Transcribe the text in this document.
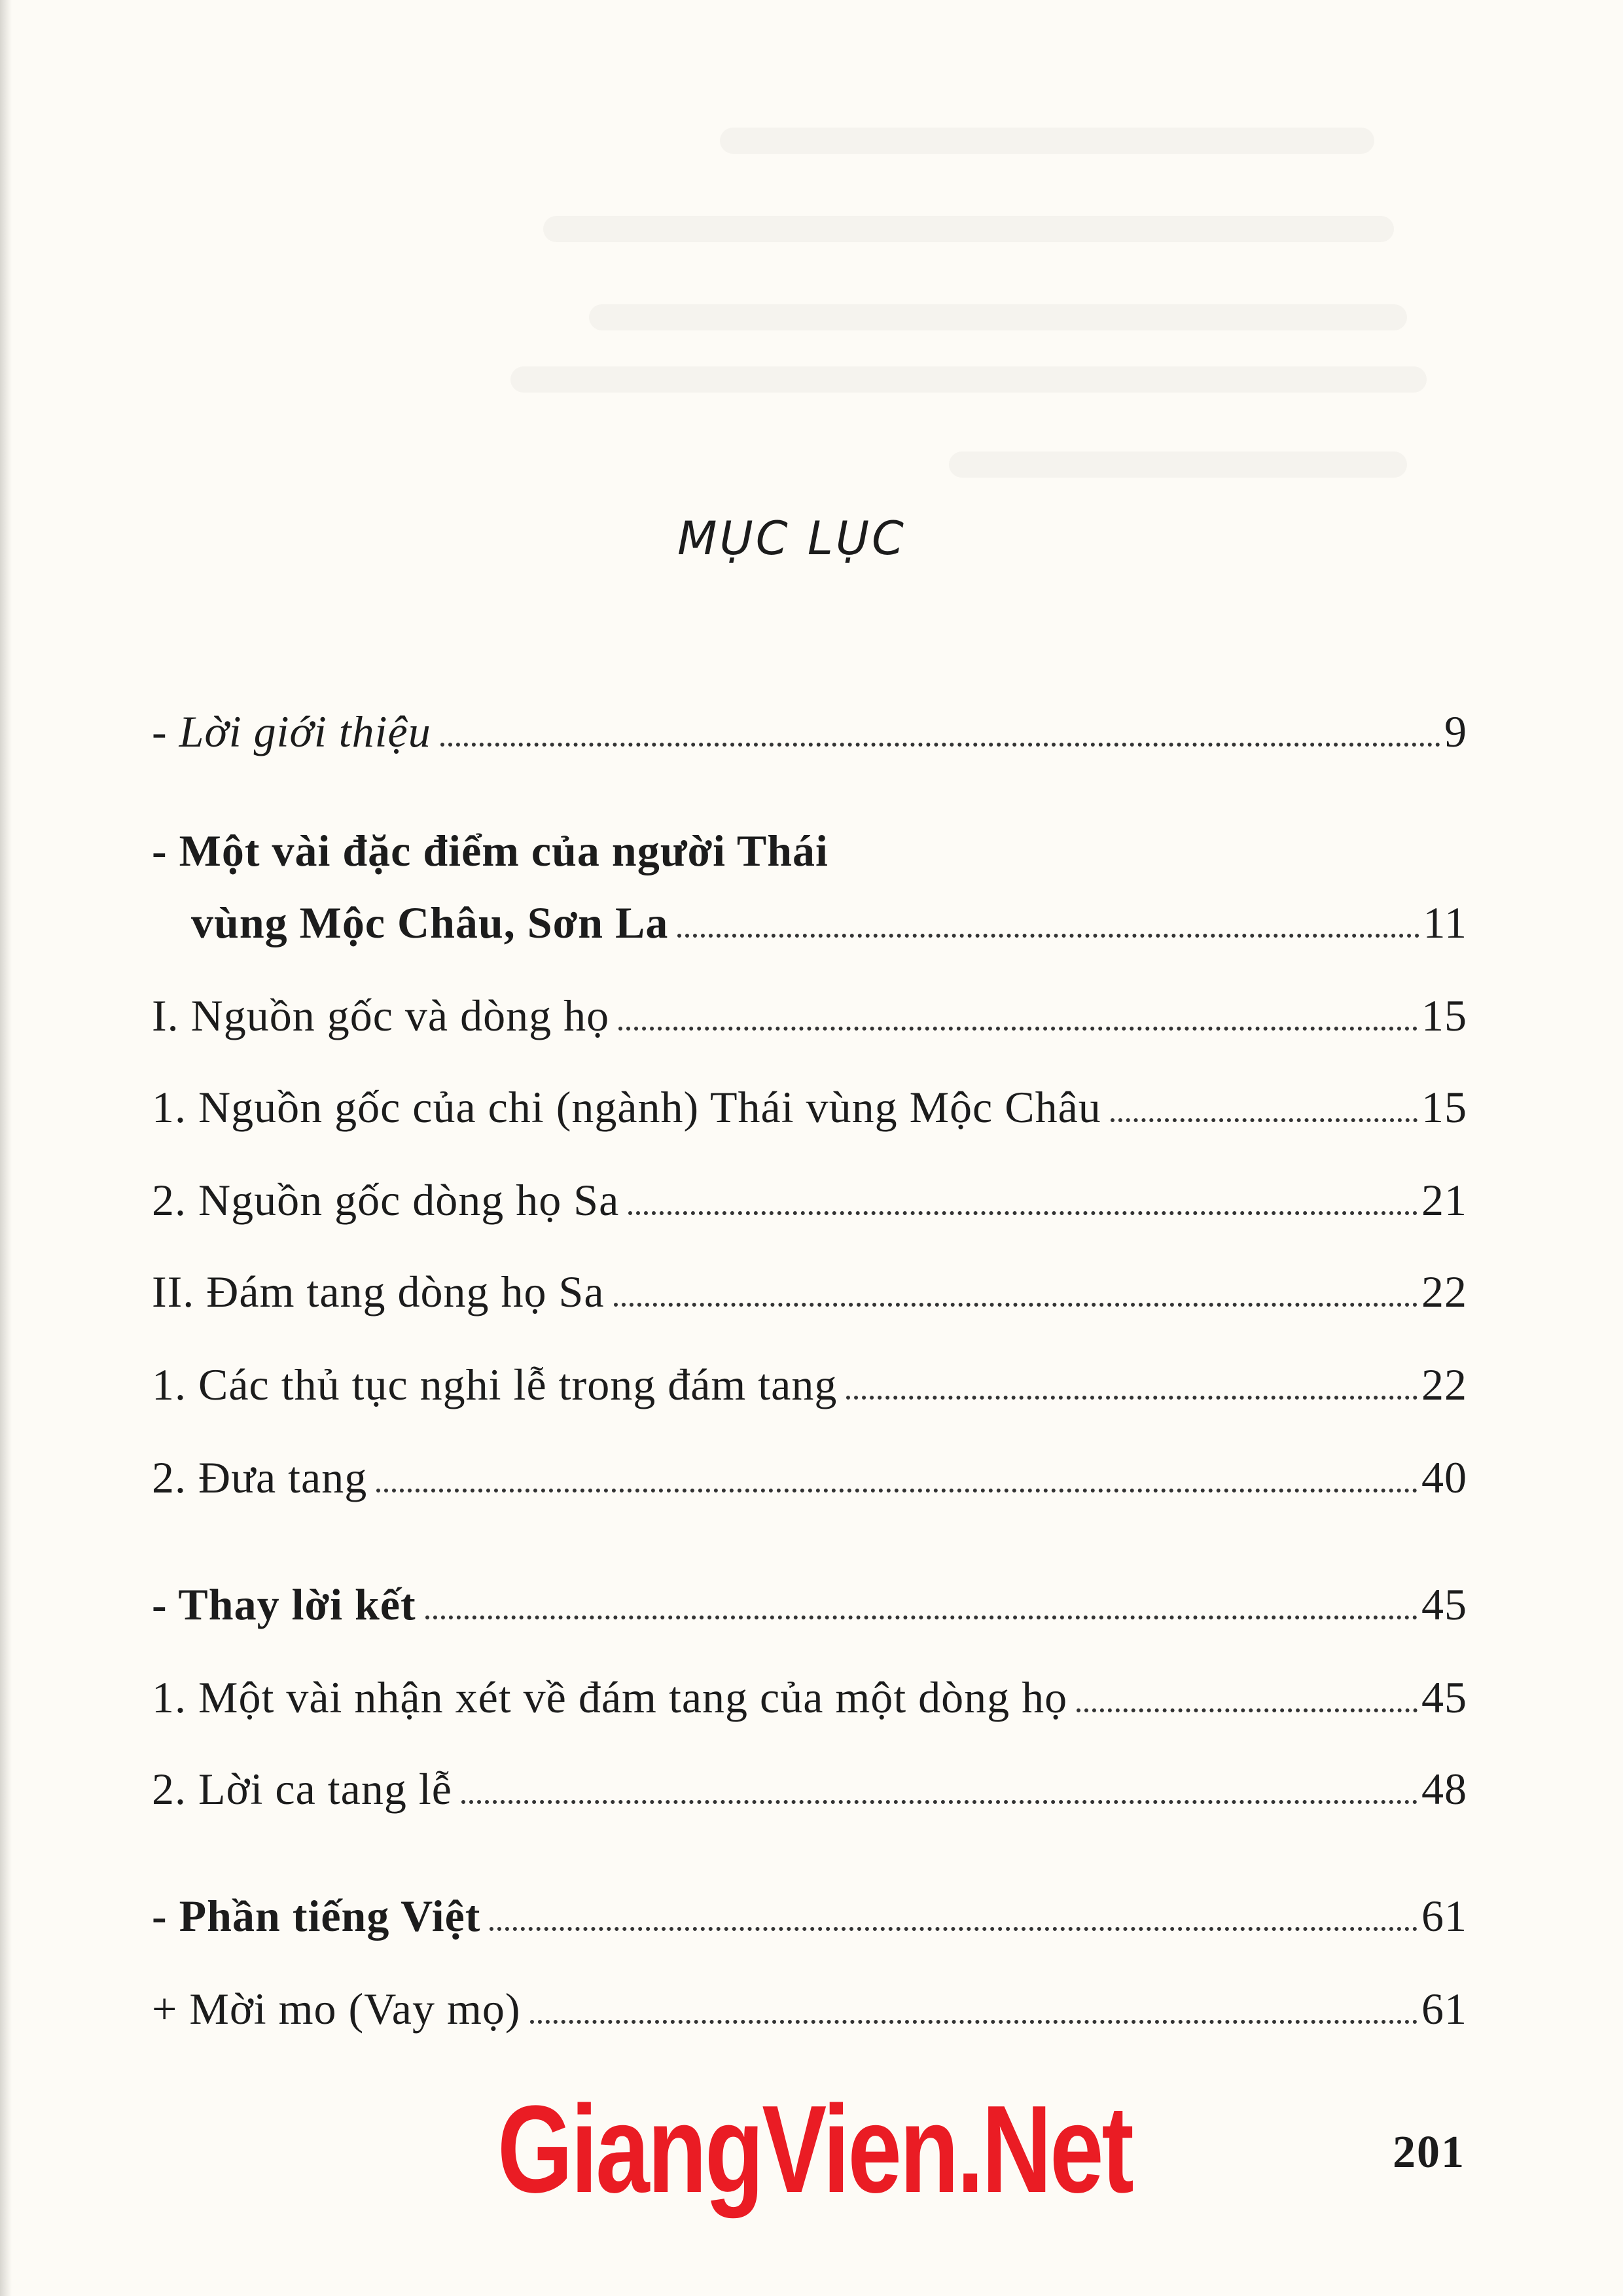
MỤC LỤC
- Lời giới thiệu	9
- Một vài đặc điểm của người Thái
vùng Mộc Châu, Sơn La	11
I. Nguồn gốc và dòng họ	15
1. Nguồn gốc của chi (ngành) Thái vùng Mộc Châu	15
2. Nguồn gốc dòng họ Sa	21
II. Đám tang dòng họ Sa	22
1. Các thủ tục nghi lễ trong đám tang	22
2. Đưa tang	40
- Thay lời kết	45
1. Một vài nhận xét về đám tang của một dòng họ	45
2. Lời ca tang lễ	48
- Phần tiếng Việt	61
+ Mời mo (Vay mọ)	61
GiangVien.Net	201
